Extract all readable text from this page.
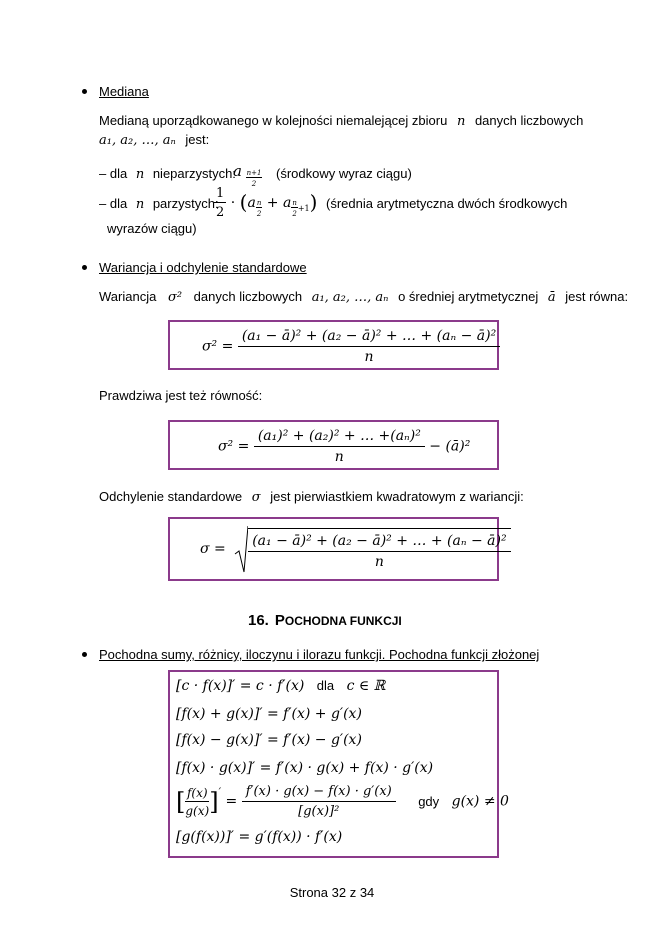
Mediana
Medianą uporządkowanego w kolejności niemalejącej zbioru n danych liczbowych
a₁, a₂, …, aₙ jest:
– dla n nieparzystych:
a $\frac{n+1}{2}$ (środkowy wyraz ciągu)
– dla n parzystych:
$\frac{1}{2} \cdot (a \frac{n}{2} + a \frac{n}{2} _{+1})$ (średnia arytmetyczna dwóch środkowych
wyrazów ciągu)
Wariancja i odchylenie standardowe
Wariancja σ² danych liczbowych a₁, a₂, …, aₙ o średniej arytmetycznej ā jest równa:
$\sigma^2 = \frac{\text{(a₁ − ā)² + (a₂ − ā)² + … + (aₙ − ā)²}}{n}$
Prawdziwa jest też równość:
$\sigma^2 = \frac{\text{(a₁)² + (a₂)² + … +(aₙ)²}}{n}$ − (ā)²
Odchylenie standardowe σ jest pierwiastkiem kwadratowym z wariancji:
$\sigma = \frac{\text{(a₁ − ā)² + (a₂ − ā)² + … + (aₙ − ā)²}}{n}$
16. POCHODNA FUNKCJI
Pochodna sumy, różnicy, iloczynu i ilorazu funkcji. Pochodna funkcji złożonej
[c · f(x)]′ = c · f′(x) dla c ∈ ℝ
[f(x) + g(x)]′ = f′(x) + g′(x)
[f(x) − g(x)]′ = f′(x) − g′(x)
[f(x) · g(x)]′ = f′(x) · g(x) + f(x) · g′(x)
[ $\frac{f(x)}{g(x)} ]' = \frac{f'(x) \cdot g(x) - f(x) \cdot g'(x)}{\text{[g(x)]²}}$ gdy g(x) ≠ 0
[g(f(x))]′ = g′(f(x)) · f′(x)
Strona 32 z 34
